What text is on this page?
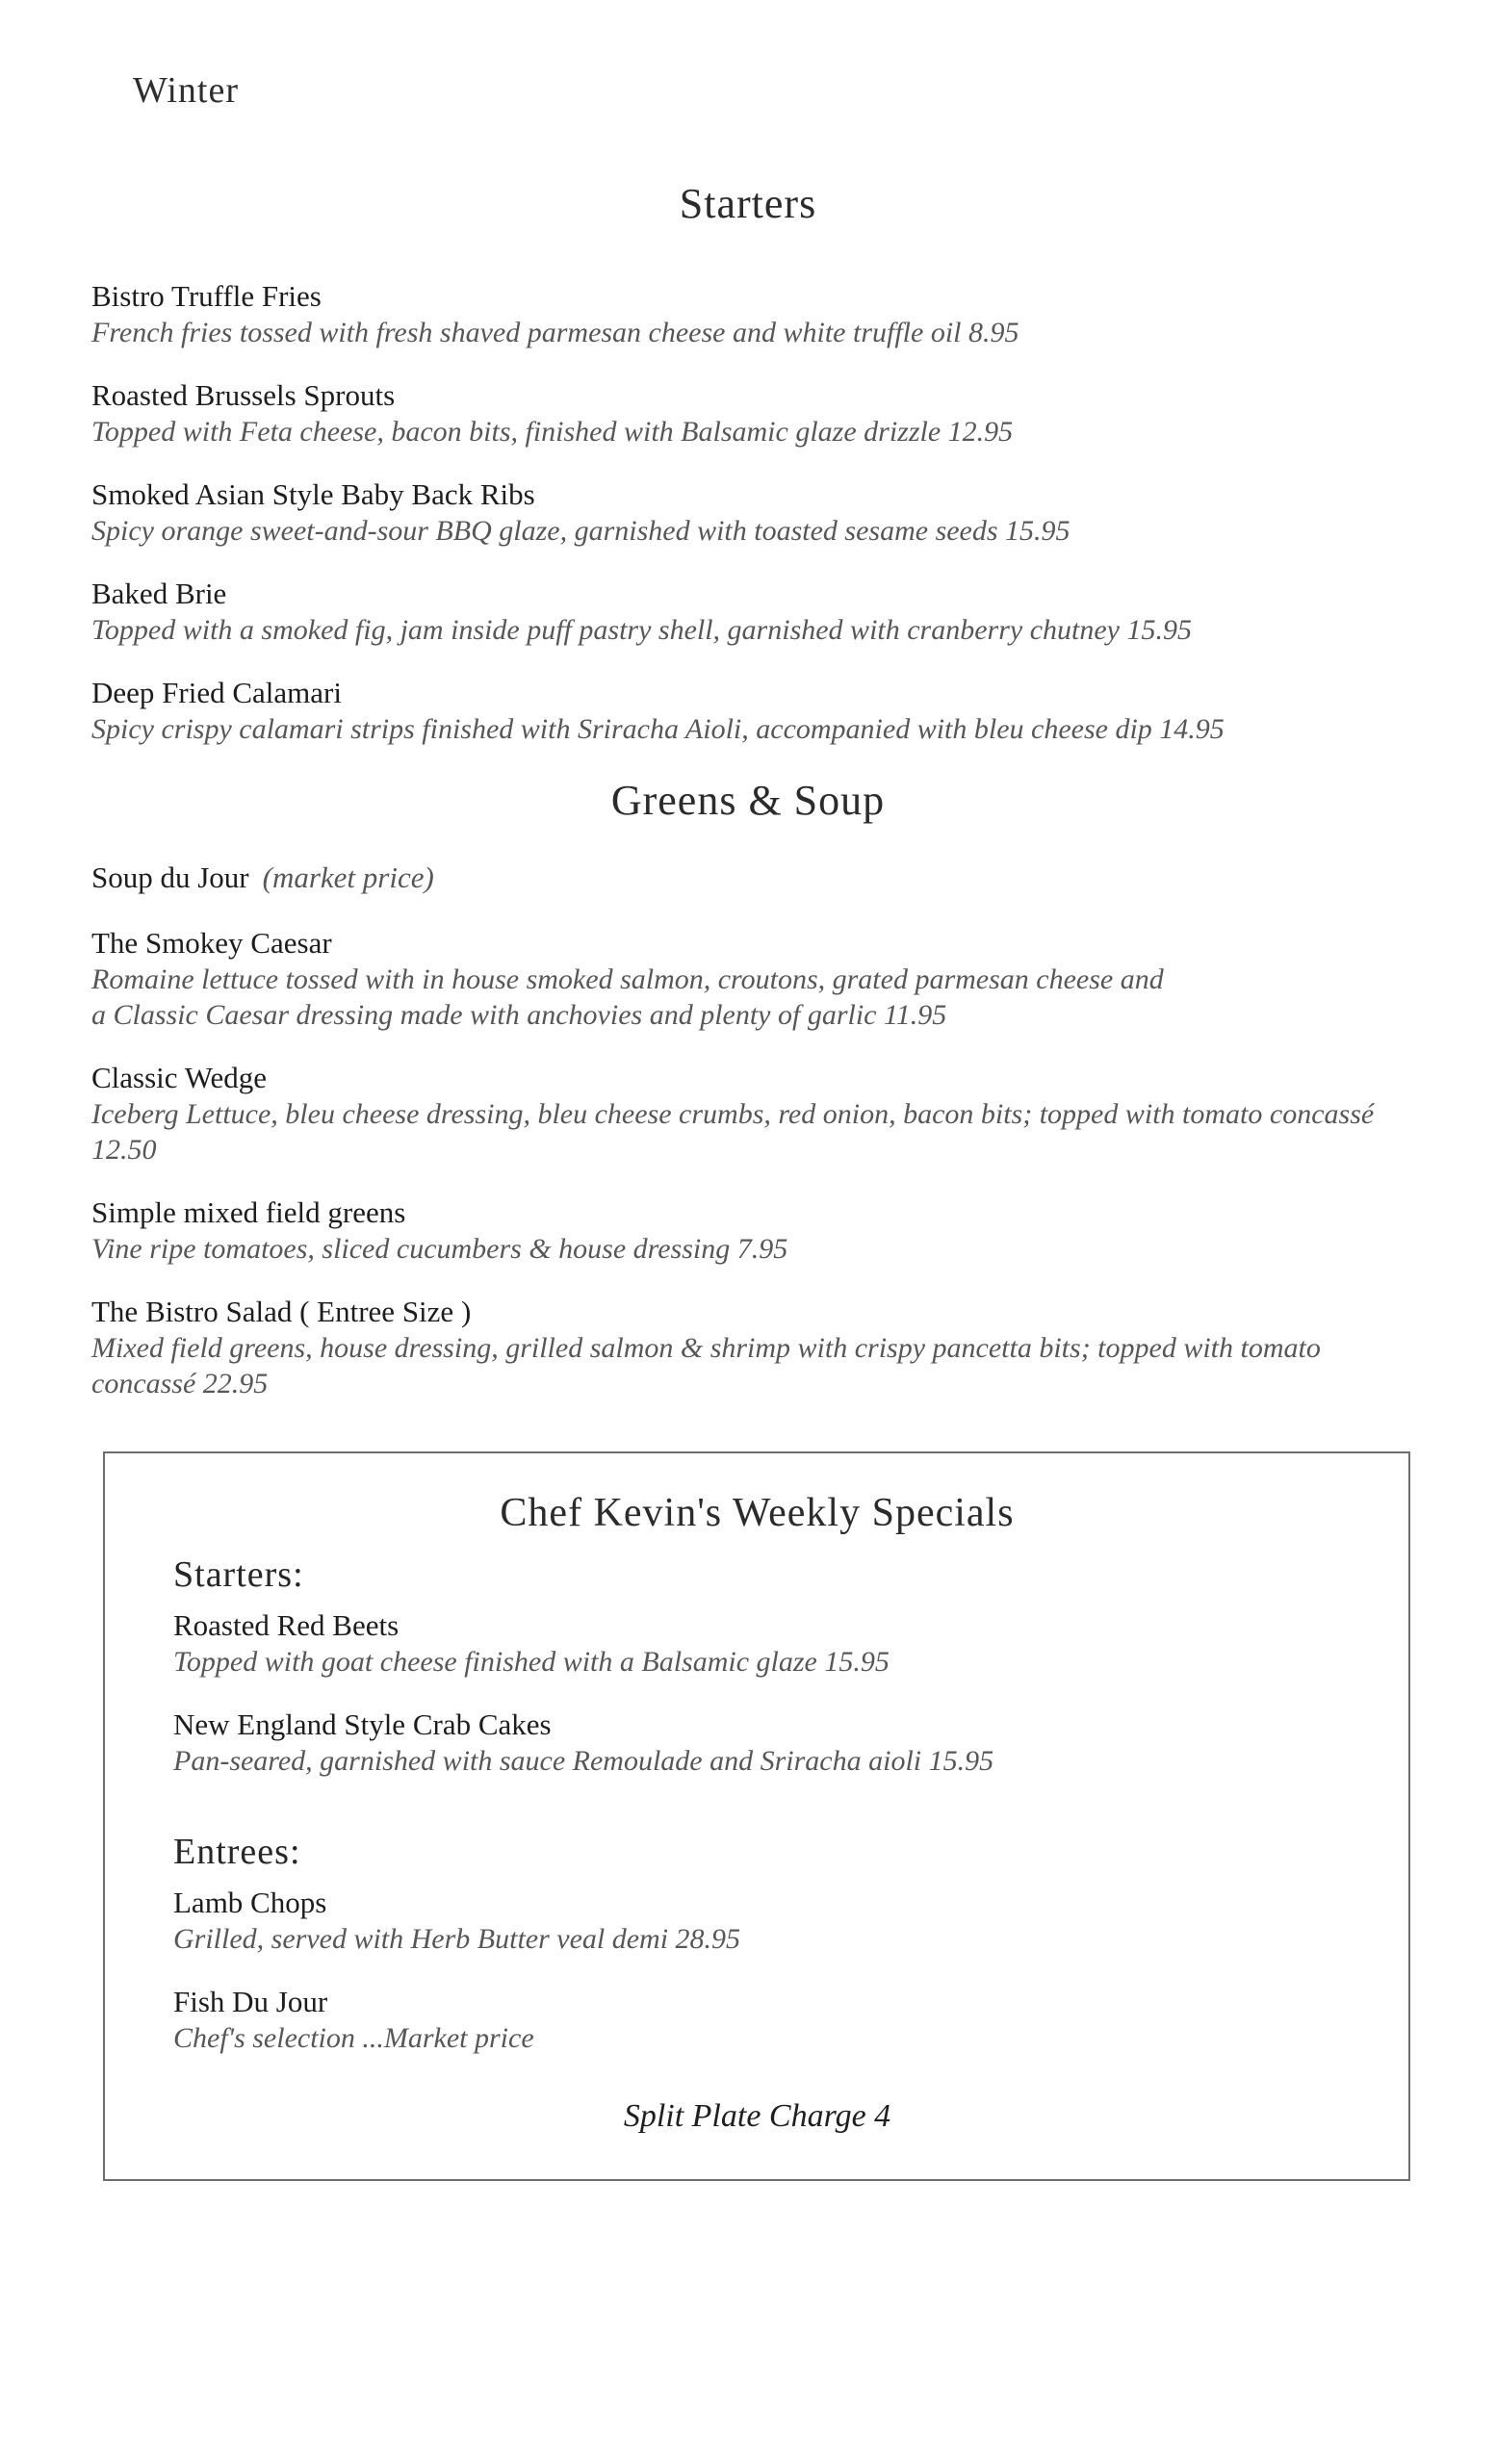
Winter
Starters
Bistro Truffle Fries
French fries tossed with fresh shaved parmesan cheese and white truffle oil 8.95
Roasted Brussels Sprouts
Topped with Feta cheese, bacon bits, finished with Balsamic glaze drizzle 12.95
Smoked Asian Style Baby Back Ribs
Spicy orange sweet-and-sour BBQ glaze, garnished with toasted sesame seeds 15.95
Baked Brie
Topped with a smoked fig, jam inside puff pastry shell, garnished with cranberry chutney 15.95
Deep Fried Calamari
Spicy crispy calamari strips finished with Sriracha Aioli, accompanied with bleu cheese dip 14.95
Greens & Soup
Soup du Jour (market price)
The Smokey Caesar
Romaine lettuce tossed with in house smoked salmon, croutons, grated parmesan cheese and
a Classic Caesar dressing made with anchovies and plenty of garlic 11.95
Classic Wedge
Iceberg Lettuce, bleu cheese dressing, bleu cheese crumbs, red onion, bacon bits; topped with tomato concassé 12.50
Simple mixed field greens
Vine ripe tomatoes, sliced cucumbers & house dressing 7.95
The Bistro Salad ( Entree Size )
Mixed field greens, house dressing, grilled salmon & shrimp with crispy pancetta bits; topped with tomato concassé 22.95
Chef Kevin's Weekly Specials
Starters:
Roasted Red Beets
Topped with goat cheese finished with a Balsamic glaze 15.95
New England Style Crab Cakes
Pan-seared, garnished with sauce Remoulade and Sriracha aioli 15.95
Entrees:
Lamb Chops
Grilled, served with Herb Butter veal demi 28.95
Fish Du Jour
Chef's selection ...Market price
Split Plate Charge 4
